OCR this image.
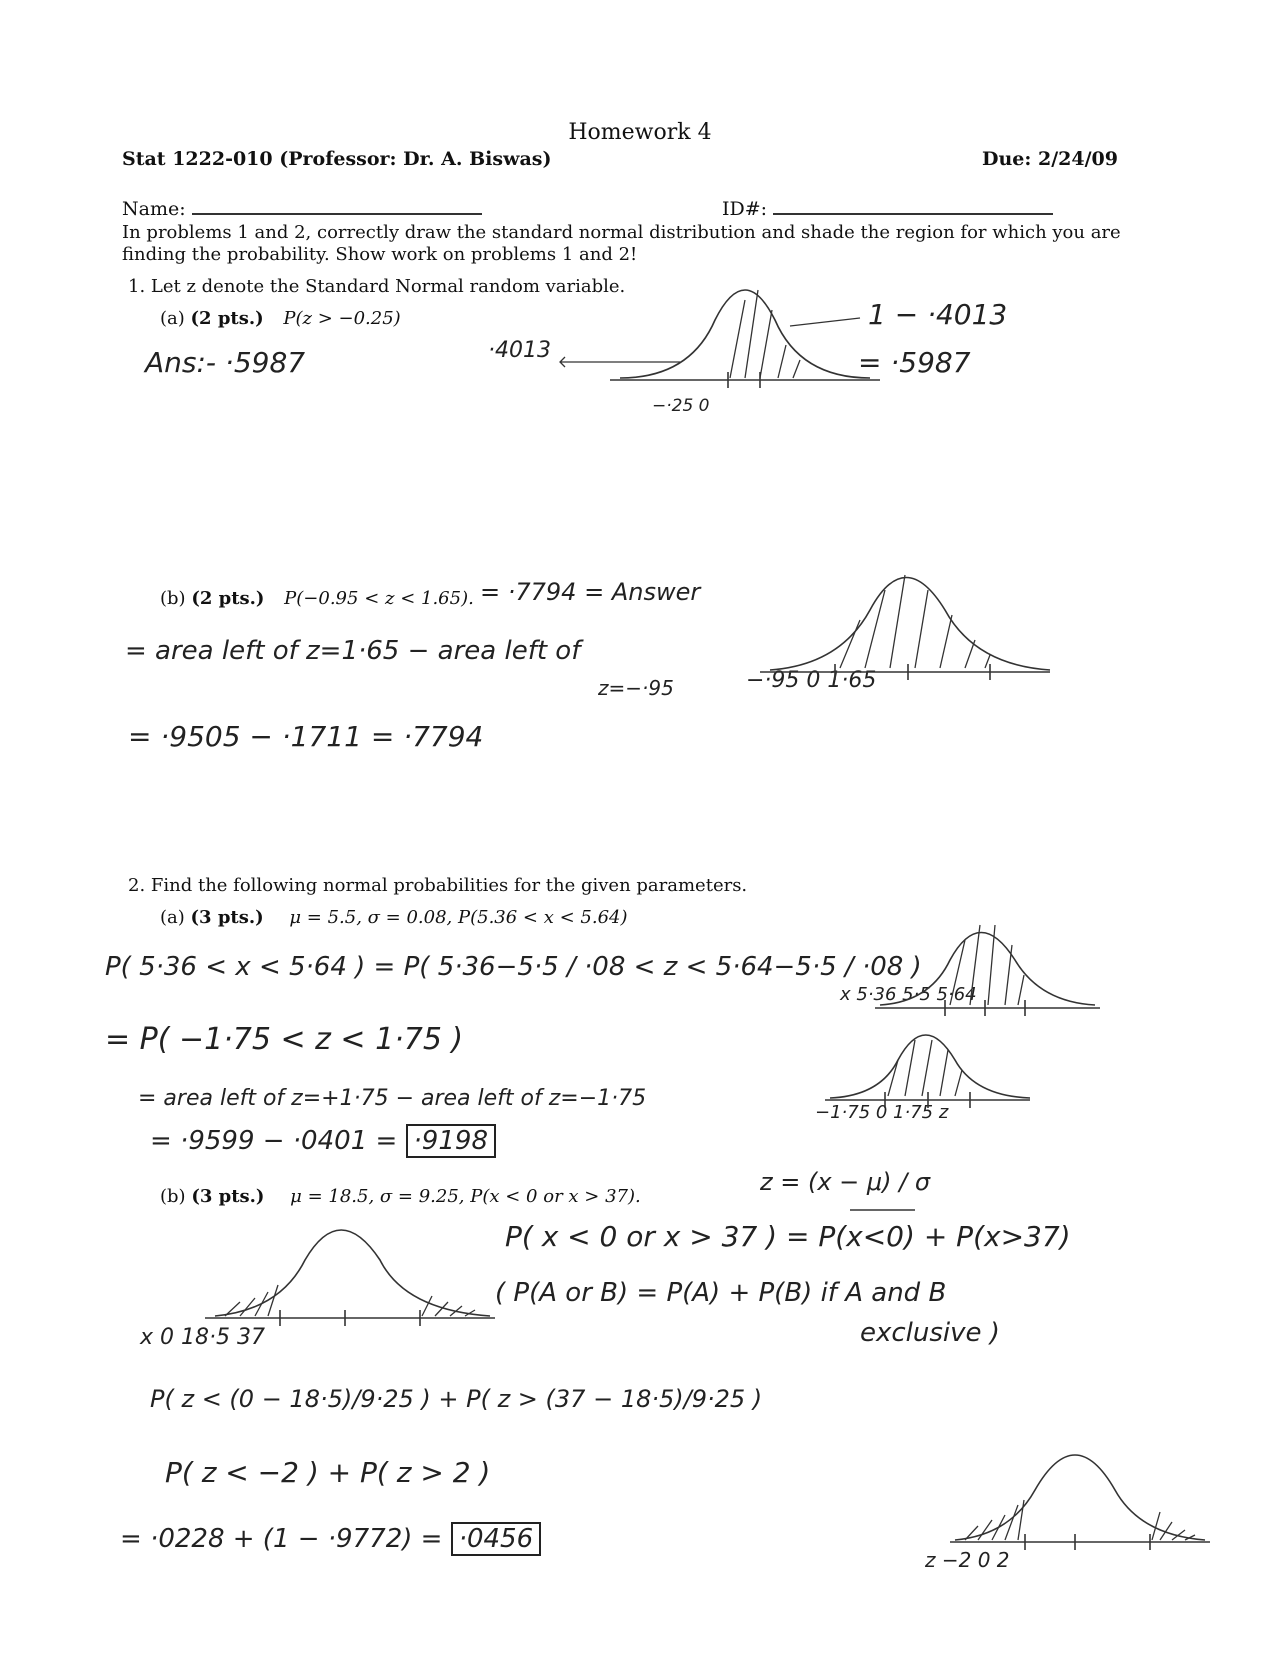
Homework 4
Stat 1222-010 (Professor: Dr. A. Biswas)	Due: 2/24/09
Name:	ID#:
In problems 1 and 2, correctly draw the standard normal distribution and shade the region for which you are finding the probability. Show work on problems 1 and 2!
1. Let z denote the Standard Normal random variable.
(a) (2 pts.) P(z > −0.25)
Ans:- ·5987	·4013
1 − ·4013
= ·5987
−·25 0
(b) (2 pts.) P(−0.95 < z < 1.65). = ·7794 = Answer
= area left of z=1·65 − area left of
z=−·95
= ·9505 − ·1711 = ·7794
−·95 0 1·65
2. Find the following normal probabilities for the given parameters.
(a) (3 pts.) μ = 5.5, σ = 0.08, P(5.36 < x < 5.64)
P( 5·36 < x < 5·64 ) = P( 5·36−5·5 / ·08 < z < 5·64−5·5 / ·08 )
= P( −1·75 < z < 1·75 )
= area left of z=+1·75 − area left of z=−1·75
= ·9599 − ·0401 = ·9198
x 5·36 5·5 5·64
−1·75 0 1·75 z
(b) (3 pts.) μ = 18.5, σ = 9.25, P(x < 0 or x > 37).
z = (x − μ) / σ
P( x < 0 or x > 37 ) = P(x<0) + P(x>37)
( P(A or B) = P(A) + P(B) if A and B
exclusive )
x 0 18·5 37
P( z < (0 − 18·5)/9·25 ) + P( z > (37 − 18·5)/9·25 )
P( z < −2 ) + P( z > 2 )
= ·0228 + (1 − ·9772) = ·0456
z −2 0 2
